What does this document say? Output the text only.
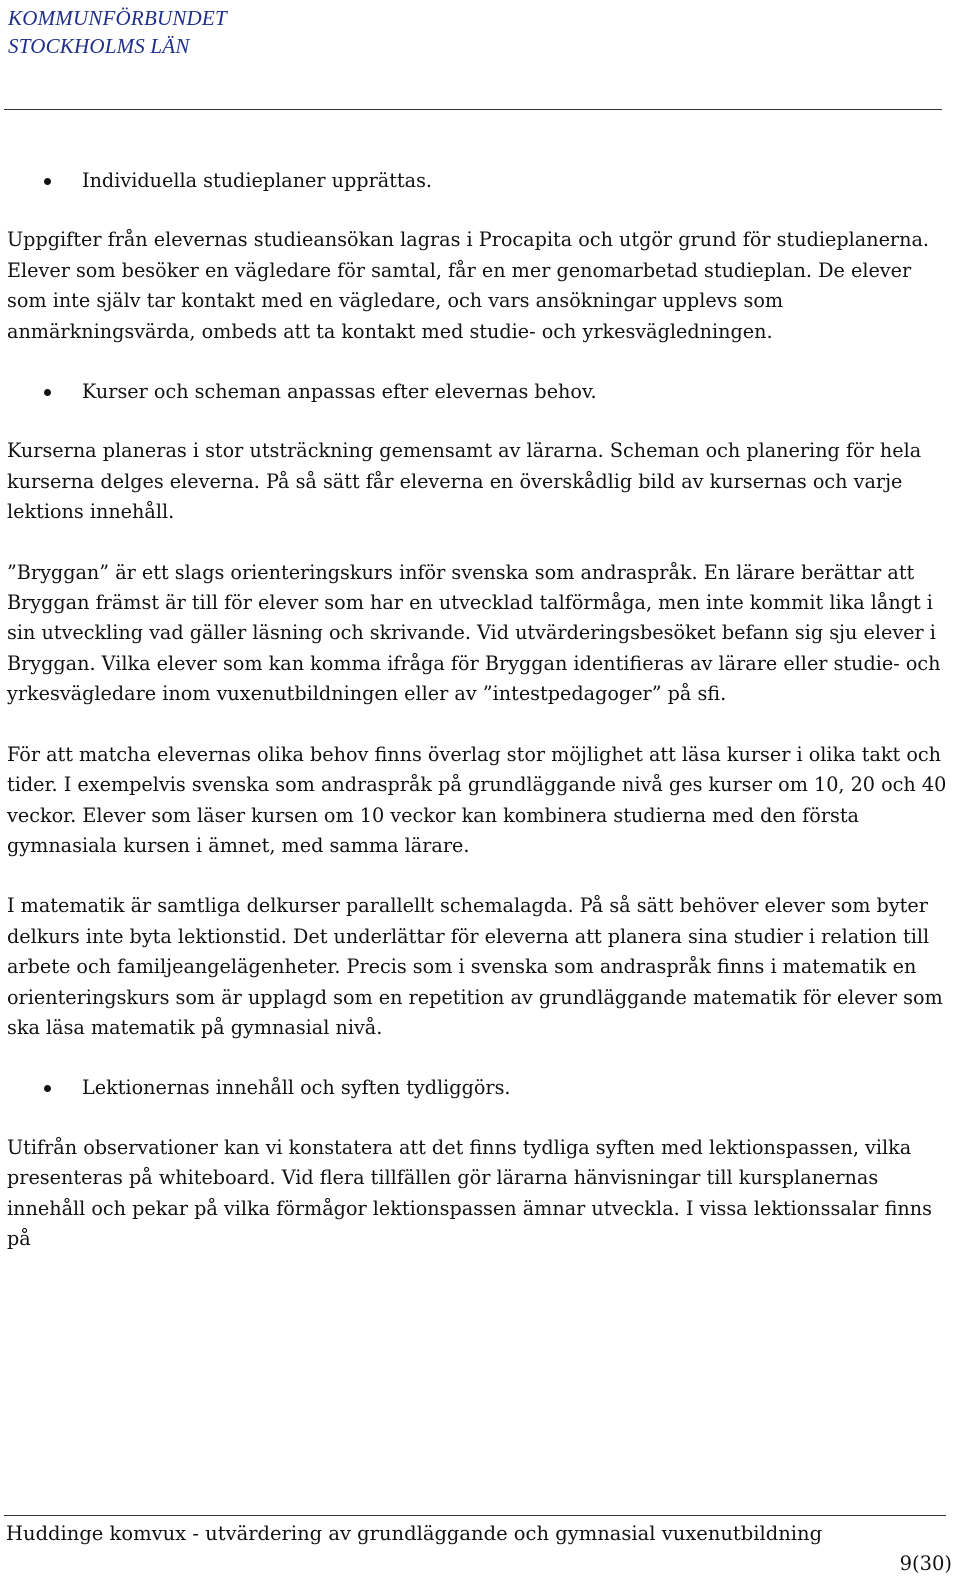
KOMMUNFÖRBUNDET
STOCKHOLMS LÄN
Individuella studieplaner upprättas.

Uppgifter från elevernas studieansökan lagras i Procapita och utgör grund för studieplanerna. Elever som besöker en vägledare för samtal, får en mer genomarbetad studieplan. De elever som inte själv tar kontakt med en vägledare, och vars ansökningar upplevs som anmärkningsvärda, ombeds att ta kontakt med studie- och yrkesvägledningen.

Kurser och scheman anpassas efter elevernas behov.

Kurserna planeras i stor utsträckning gemensamt av lärarna. Scheman och planering för hela kurserna delges eleverna. På så sätt får eleverna en överskådlig bild av kursernas och varje lektions innehåll.

”Bryggan” är ett slags orienteringskurs inför svenska som andraspråk. En lärare berättar att Bryggan främst är till för elever som har en utvecklad talförmåga, men inte kommit lika långt i sin utveckling vad gäller läsning och skrivande. Vid utvärderingsbesöket befann sig sju elever i Bryggan. Vilka elever som kan komma ifråga för Bryggan identifieras av lärare eller studie- och yrkesvägledare inom vuxenutbildningen eller av ”intestpedagoger” på sfi.

För att matcha elevernas olika behov finns överlag stor möjlighet att läsa kurser i olika takt och tider. I exempelvis svenska som andraspråk på grundläggande nivå ges kurser om 10, 20 och 40 veckor. Elever som läser kursen om 10 veckor kan kombinera studierna med den första gymnasiala kursen i ämnet, med samma lärare.

I matematik är samtliga delkurser parallellt schemalagda. På så sätt behöver elever som byter delkurs inte byta lektionstid. Det underlättar för eleverna att planera sina studier i relation till arbete och familjeangelägenheter. Precis som i svenska som andraspråk finns i matematik en orienteringskurs som är upplagd som en repetition av grundläggande matematik för elever som ska läsa matematik på gymnasial nivå.

Lektionernas innehåll och syften tydliggörs.

Utifrån observationer kan vi konstatera att det finns tydliga syften med lektionspassen, vilka presenteras på whiteboard. Vid flera tillfällen gör lärarna hänvisningar till kursplanernas innehåll och pekar på vilka förmågor lektionspassen ämnar utveckla. I vissa lektionssalar finns på

Huddinge komvux - utvärdering av grundläggande och gymnasial vuxenutbildning
9(30)
